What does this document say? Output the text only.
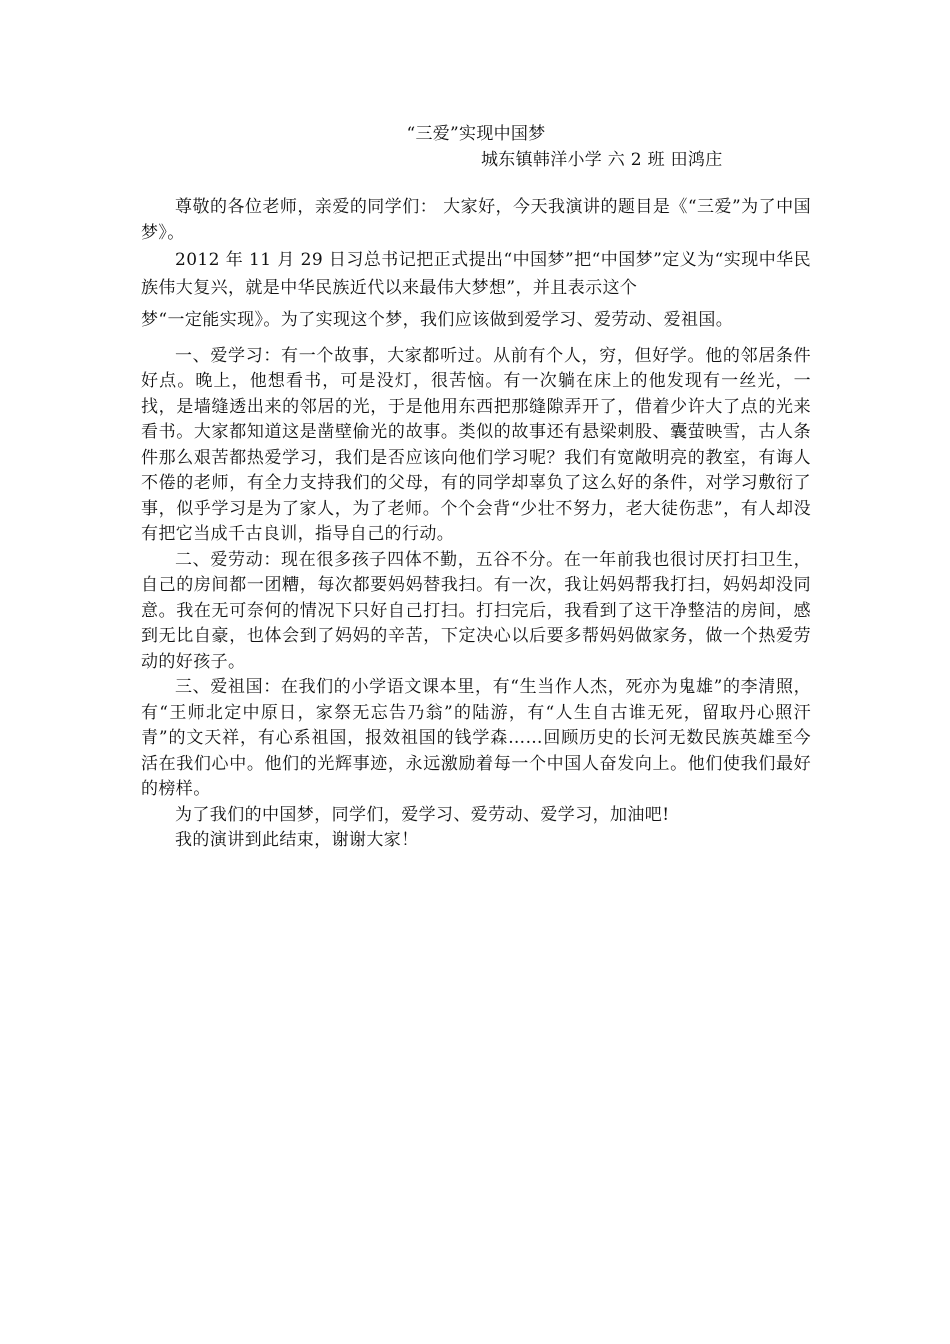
“三爱”实现中国梦

城东镇韩洋小学 六 2 班 田鸿庄

尊敬的各位老师，亲爱的同学们： 大家好，今天我演讲的题目是《“三爱”为了中国梦》。

2012 年 11 月 29 日习总书记把正式提出“中国梦”把“中国梦”定义为“实现中华民族伟大复兴，就是中华民族近代以来最伟大梦想”，并且表示这个

梦“一定能实现》。为了实现这个梦，我们应该做到爱学习、爱劳动、爱祖国。

一、爱学习：有一个故事，大家都听过。从前有个人，穷，但好学。他的邻居条件好点。晚上，他想看书，可是没灯，很苦恼。有一次躺在床上的他发现有一丝光，一找，是墙缝透出来的邻居的光，于是他用东西把那缝隙弄开了，借着少许大了点的光来看书。大家都知道这是凿壁偷光的故事。类似的故事还有悬梁刺股、囊萤映雪，古人条件那么艰苦都热爱学习，我们是否应该向他们学习呢？我们有宽敞明亮的教室，有诲人不倦的老师，有全力支持我们的父母，有的同学却辜负了这么好的条件，对学习敷衍了事，似乎学习是为了家人，为了老师。个个会背“少壮不努力，老大徒伤悲”，有人却没有把它当成千古良训，指导自己的行动。

二、爱劳动：现在很多孩子四体不勤，五谷不分。在一年前我也很讨厌打扫卫生，自己的房间都一团糟，每次都要妈妈替我扫。有一次，我让妈妈帮我打扫，妈妈却没同意。我在无可奈何的情况下只好自己打扫。打扫完后，我看到了这干净整洁的房间，感到无比自豪，也体会到了妈妈的辛苦，下定决心以后要多帮妈妈做家务，做一个热爱劳动的好孩子。

三、爱祖国：在我们的小学语文课本里，有“生当作人杰，死亦为鬼雄”的李清照，有“王师北定中原日，家祭无忘告乃翁”的陆游，有“人生自古谁无死，留取丹心照汗青”的文天祥，有心系祖国，报效祖国的钱学森……回顾历史的长河无数民族英雄至今活在我们心中。他们的光辉事迹，永远激励着每一个中国人奋发向上。他们使我们最好的榜样。

为了我们的中国梦，同学们，爱学习、爱劳动、爱学习，加油吧!

我的演讲到此结束，谢谢大家！
